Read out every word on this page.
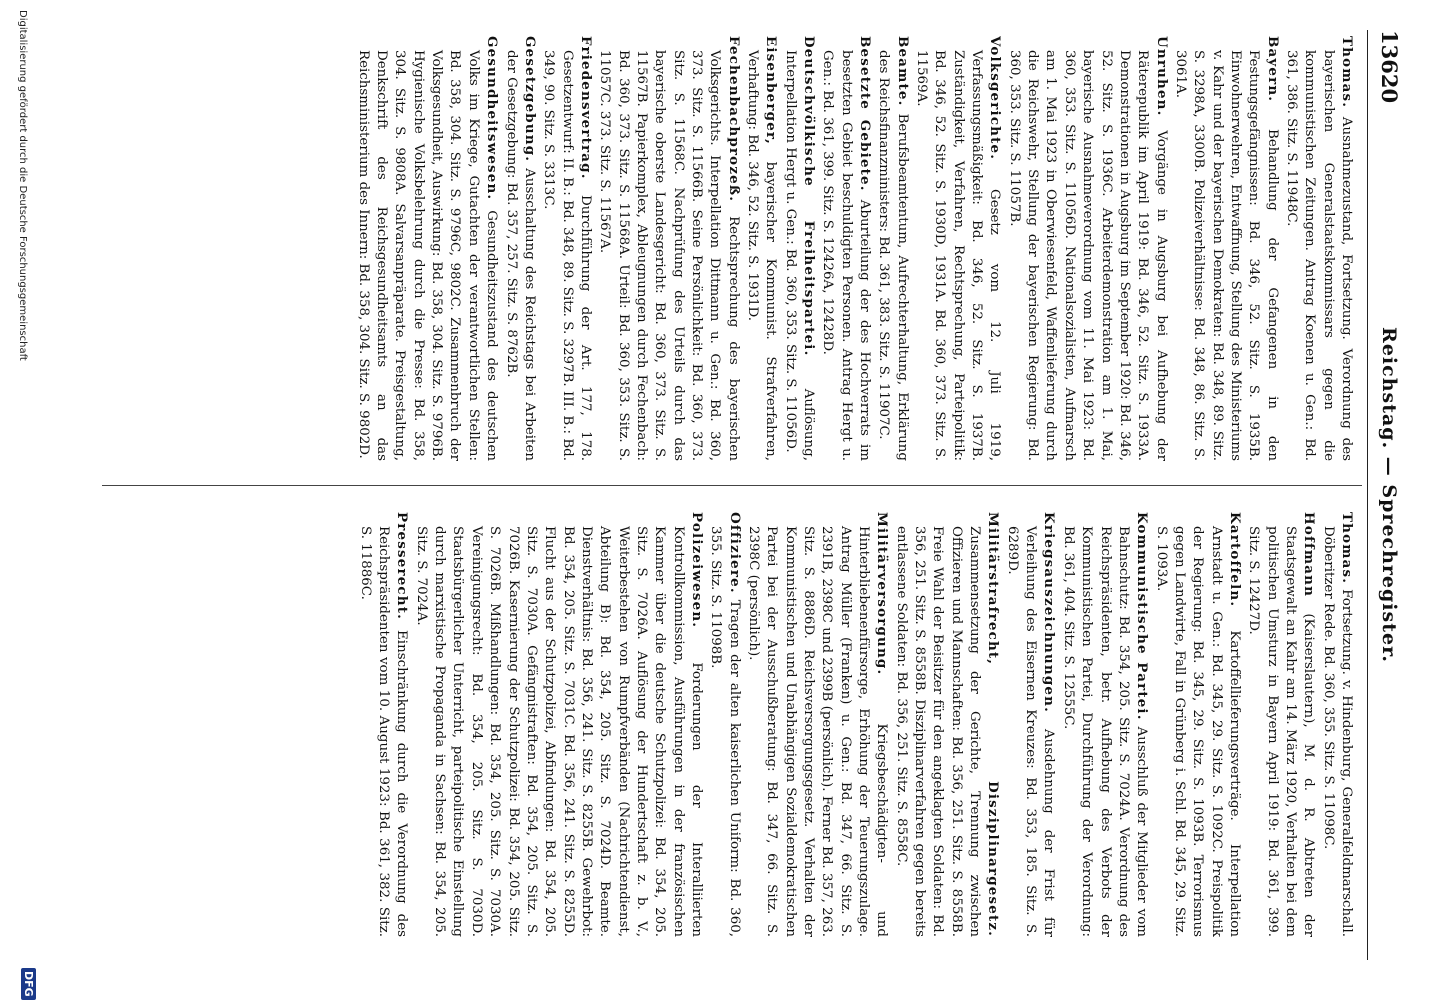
13620
Reichstag. — Sprechregister.

Thomas. Ausnahmezustand, Fortsetzung. Verordnung des bayerischen Generalstaatskommissars gegen die kommunistischen Zeitungen. Antrag Koenen u. Gen.: Bd. 361, 386. Sitz. S. 11948C.

Bayern. Behandlung der Gefangenen in den Festungsgefängnissen: Bd. 346, 52. Sitz. S. 1935B. Einwohnerwehren, Entwaffnung, Stellung des Ministeriums v. Kahr und der bayerischen Demokraten: Bd. 348, 89. Sitz. S. 3298A, 3300B. Polizeiverhältnisse: Bd. 348, 86. Sitz. S. 3061A.

Unruhen. Vorgänge in Augsburg bei Aufhebung der Räterepublik im April 1919: Bd. 346, 52. Sitz. S. 1933A. Demonstrationen in Augsburg im September 1920: Bd. 346, 52. Sitz. S. 1936C. Arbeiterdemonstration am 1. Mai, bayerische Ausnahmeverordnung vom 11. Mai 1923: Bd. 360, 353. Sitz. S. 11056D. Nationalsozialisten, Aufmarsch am 1. Mai 1923 in Oberwiesenfeld, Waffenlieferung durch die Reichswehr, Stellung der bayerischen Regierung: Bd. 360, 353. Sitz. S. 11057B.

Volksgerichte. Gesetz vom 12. Juli 1919, Verfassungsmäßigkeit: Bd. 346, 52. Sitz. S. 1937B. Zuständigkeit, Verfahren, Rechtsprechung, Parteipolitik: Bd. 346, 52. Sitz. S. 1930D, 1931A. Bd. 360, 373. Sitz. S. 11569A.

Beamte. Berufsbeamtentum, Aufrechterhaltung, Erklärung des Reichsfinanzministers: Bd. 361, 383. Sitz. S. 11907C.

Besetzte Gebiete. Aburteilung der des Hochverrats im besetzten Gebiet beschuldigten Personen. Antrag Hergt u. Gen.: Bd. 361, 399. Sitz. S. 12426A, 12428D.

Deutschvölkische Freiheitspartei. Auflösung, Interpellation Hergt u. Gen.: Bd. 360, 353. Sitz. S. 11056D.

Eisenberger, bayerischer Kommunist. Strafverfahren, Verhaftung: Bd. 346, 52. Sitz. S. 1931D.

Fechenbachprozeß. Rechtsprechung des bayerischen Volksgerichts. Interpellation Dittmann u. Gen.: Bd. 360, 373. Sitz. S. 11566B. Seine Persönlichkeit: Bd. 360, 373. Sitz. S. 11568C. Nachprüfung des Urteils durch das bayerische oberste Landesgericht: Bd. 360, 373. Sitz. S. 11567B. Papierkomplex, Ableugnungen durch Fechenbach: Bd. 360, 373. Sitz. S. 11568A. Urteil: Bd. 360, 353. Sitz. S. 11057C. 373. Sitz. S. 11567A.

Friedensvertrag. Durchführung der Art. 177, 178. Gesetzentwurf: II. B.: Bd. 348, 89. Sitz. S. 3297B. III. B.: Bd. 349, 90. Sitz. S. 3313C.

Gesetzgebung. Ausschaltung des Reichstags bei Arbeiten der Gesetzgebung: Bd. 357, 257. Sitz. S. 8762B.

Gesundheitswesen. Gesundheitszustand des deutschen Volks im Kriege, Gutachten der verantwortlichen Stellen: Bd. 358, 304. Sitz. S. 9796C, 9802C. Zusammenbruch der Volksgesundheit, Auswirkung: Bd. 358, 304. Sitz. S. 9796B. Hygienische Volksbelehrung durch die Presse: Bd. 358, 304. Sitz. S. 9808A. Salvarsanpräparate. Preisgestaltung, Denkschrift des Reichsgesundheitsamts an das Reichsministerium des Innern: Bd. 358, 304. Sitz. S. 9802D.

Thomas. Fortsetzung. v. Hindenburg, Generalfeldmarschall. Döberitzer Rede. Bd. 360, 355. Sitz. S. 11098C.

Hoffmann (Kaiserslautern), M. d. R. Abtreten der Staatsgewalt an Kahr am 14. März 1920, Verhalten bei dem politischen Umsturz in Bayern April 1919: Bd. 361, 399. Sitz. S. 12427D.

Kartoffeln. Kartoffellieferungsverträge. Interpellation Arnstadt u. Gen.: Bd. 345, 29. Sitz. S. 1092C. Preispolitik der Regierung: Bd. 345, 29. Sitz. S. 1093B. Terrorismus gegen Landwirte, Fall in Grünberg i. Schl. Bd. 345, 29. Sitz. S. 1093A.

Kommunistische Partei. Ausschluß der Mitglieder vom Bahnschutz: Bd. 354, 205. Sitz. S. 7024A. Verordnung des Reichspräsidenten, betr. Aufhebung des Verbots der Kommunistischen Partei, Durchführung der Verordnung: Bd. 361, 404. Sitz. S. 12555C.

Kriegsauszeichnungen. Ausdehnung der Frist für Verleihung des Eisernen Kreuzes: Bd. 353, 185. Sitz. S. 6289D.

Militärstrafrecht, Disziplinargesetz. Zusammensetzung der Gerichte, Trennung zwischen Offizieren und Mannschaften: Bd. 356, 251. Sitz. S. 8558B. Freie Wahl der Beisitzer für den angeklagten Soldaten: Bd. 356, 251. Sitz. S. 8558B. Disziplinarverfahren gegen bereits entlassene Soldaten: Bd. 356, 251. Sitz. S. 8558C.

Militärversorgung. Kriegsbeschädigten- und Hinterbliebenenfürsorge, Erhöhung der Teuerungszulage. Antrag Müller (Franken) u. Gen.: Bd. 347, 66. Sitz. S. 2391B, 2398C und 2399B (persönlich). Ferner Bd. 357, 263. Sitz. S. 8886D. Reichsversorgungsgesetz. Verhalten der Kommunistischen und Unabhängigen Sozialdemokratischen Partei bei der Ausschußberatung: Bd. 347, 66. Sitz. S. 2398C (persönlich).

Offiziere. Tragen der alten kaiserlichen Uniform: Bd. 360, 355. Sitz. S. 11098B.

Polizeiwesen. Forderungen der Interalliierten Kontrollkommission, Ausführungen in der französischen Kammer über die deutsche Schutzpolizei: Bd. 354, 205. Sitz. S. 7026A. Auflösung der Hundertschaft z. b. V., Weiterbestehen von Rumpfverbänden (Nachrichtendienst, Abteilung B): Bd. 354, 205. Sitz. S. 7024D. Beamte. Dienstverhältnis: Bd. 356, 241. Sitz. S. 8255B. Gewehrbot: Bd. 354, 205. Sitz. S. 7031C. Bd. 356, 241. Sitz. S. 8255D. Flucht aus der Schutzpolizei, Abfindungen: Bd. 354, 205. Sitz. S. 7030A. Gefängnistraften: Bd. 354, 205. Sitz. S. 7026B. Kasernierung der Schutzpolizei: Bd. 354, 205. Sitz. S. 7026B. Mißhandlungen: Bd. 354, 205. Sitz. S. 7030A. Vereinigungsrecht: Bd. 354, 205. Sitz. S. 7030D. Staatsbürgerlicher Unterricht, parteipolitische Einstellung durch marxistische Propaganda in Sachsen: Bd. 354, 205. Sitz. S. 7024A.

Presserecht. Einschränkung durch die Verordnung des Reichspräsidenten vom 10. August 1923: Bd. 361, 382. Sitz. S. 11886C.

Digitalisierung gefördert durch die Deutsche Forschungsgemeinschaft
DFG
